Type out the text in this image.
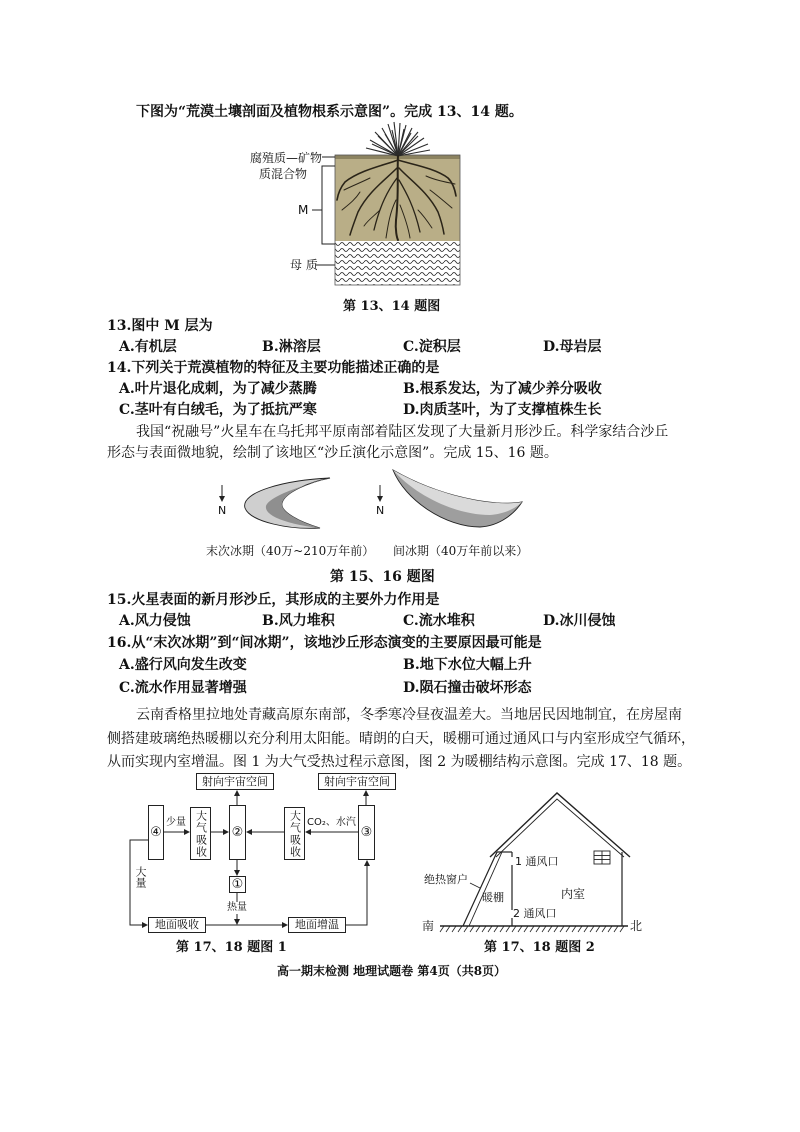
下图为“荒漠土壤剖面及植物根系示意图”。完成 13、14 题。
腐殖质—矿物
质混合物
M
母 质
第 13、14 题图
13.图中 M 层为
A.有机层	B.淋溶层	C.淀积层	D.母岩层
14.下列关于荒漠植物的特征及主要功能描述正确的是
A.叶片退化成刺，为了减少蒸腾	B.根系发达，为了减少养分吸收
C.茎叶有白绒毛，为了抵抗严寒	D.肉质茎叶，为了支撑植株生长
我国“祝融号”火星车在乌托邦平原南部着陆区发现了大量新月形沙丘。科学家结合沙丘
形态与表面微地貌，绘制了该地区“沙丘演化示意图”。完成 15、16 题。
N	N
末次冰期（40万~210万年前） 间冰期（40万年前以来）
第 15、16 题图
15.火星表面的新月形沙丘，其形成的主要外力作用是
A.风力侵蚀	B.风力堆积	C.流水堆积	D.冰川侵蚀
16.从“末次冰期”到“间冰期”，该地沙丘形态演变的主要原因最可能是
A.盛行风向发生改变	B.地下水位大幅上升
C.流水作用显著增强	D.陨石撞击破坏形态
云南香格里拉地处青藏高原东南部，冬季寒冷昼夜温差大。当地居民因地制宜，在房屋南
侧搭建玻璃绝热暖棚以充分利用太阳能。晴朗的白天，暖棚可通过通风口与内室形成空气循环，
从而实现内室增温。图 1 为大气受热过程示意图，图 2 为暖棚结构示意图。完成 17、18 题。
射向宇宙空间	射向宇宙空间
④	大气吸收 ②	大气吸收	③
①
地面吸收	地面增温
少量	CO₂、水汽
大量
热量
第 17、18 题图 1
1 通风口
内室
2 通风口
绝热窗户
暖棚
南	北
第 17、18 题图 2
高一期末检测 地理试题卷 第4页（共8页）
